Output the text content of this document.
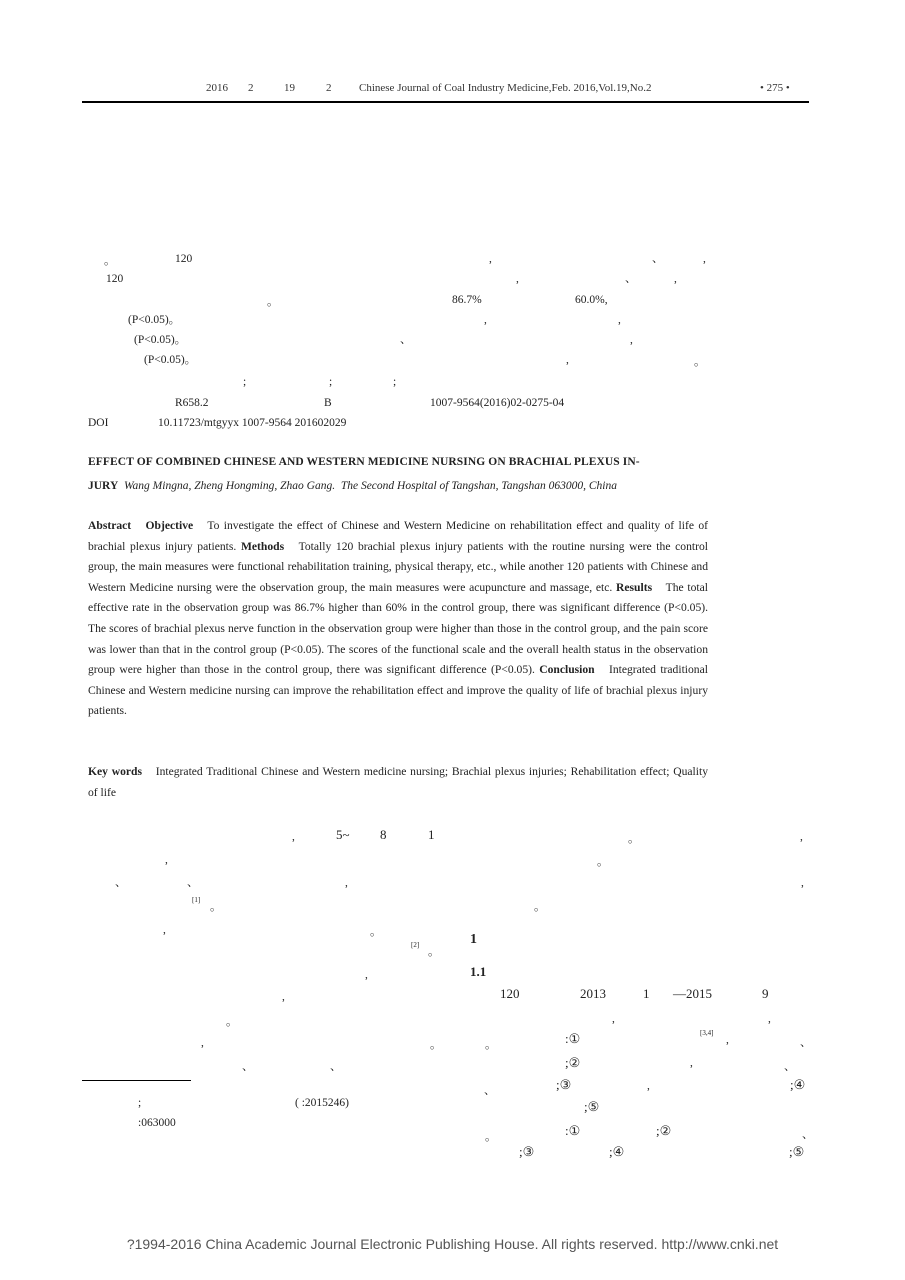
2016 2	19	2	Chinese Journal of Coal Industry Medicine,Feb. 2016,Vol.19,No.2	• 275 •
。	120	,	、	,
120	,	、	,
。	86.7%	60.0%,
(P<0.05)。	,	,
(P<0.05)。	、	,
(P<0.05)。	,	。
;	;	;
R658.2	B	1007-9564(2016)02-0275-04
DOI	10.11723/mtgyyx 1007-9564 201602029
EFFECT OF COMBINED CHINESE AND WESTERN MEDICINE NURSING ON BRACHIAL PLEXUS IN-
JURY Wang Mingna, Zheng Hongming, Zhao Gang. The Second Hospital of Tangshan, Tangshan 063000, China
Abstract Objective To investigate the effect of Chinese and Western Medicine on rehabilitation effect and quality of life of brachial plexus injury patients. Methods Totally 120 brachial plexus injury patients with the routine nursing were the control group, the main measures were functional rehabilitation training, physical therapy, etc., while another 120 patients with Chinese and Western Medicine nursing were the observation group, the main measures were acupuncture and massage, etc. Results The total effective rate in the observation group was 86.7% higher than 60% in the control group, there was significant difference (P<0.05). The scores of brachial plexus nerve function in the observation group were higher than those in the control group, and the pain score was lower than that in the control group (P<0.05). The scores of the functional scale and the overall health status in the observation group were higher than those in the control group, there was significant difference (P<0.05). Conclusion Integrated traditional Chinese and Western medicine nursing can improve the rehabilitation effect and improve the quality of life of brachial plexus injury patients.
Key words Integrated Traditional Chinese and Western medicine nursing; Brachial plexus injuries; Rehabilitation effect; Quality of life
,	5~ 8	1	。	,
,	。
、	、	,	,
[1]
。	。
,	。
[2]
。
1
,	1.1
120	2013	1 —2015	9
,
。	,	,
,	。	。	:①	[3,4]
,	、
、	、	;②	,	、
、	;③	,	;④
;⑤
。	:①	;②	、
;③	;④	;⑤
;	( :2015246)
:063000
?1994-2016 China Academic Journal Electronic Publishing House. All rights reserved. http://www.cnki.net
